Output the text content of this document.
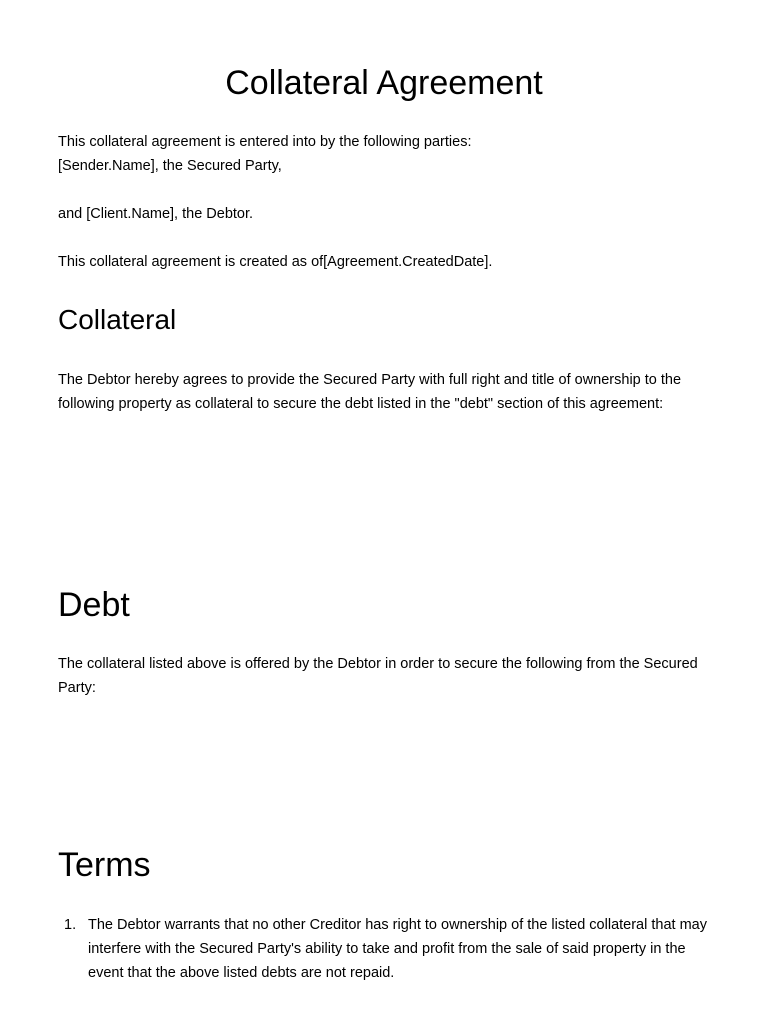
Collateral Agreement

This collateral agreement is entered into by the following parties:

[Sender.Name], the Secured Party,

and [Client.Name], the Debtor.

This collateral agreement is created as of[Agreement.CreatedDate].

Collateral

The Debtor hereby agrees to provide the Secured Party with full right and title of ownership to the following property as collateral to secure the debt listed in the "debt" section of this agreement:

Debt

The collateral listed above is offered by the Debtor in order to secure the following from the Secured Party:

Terms
1. The Debtor warrants that no other Creditor has right to ownership of the listed collateral that may interfere with the Secured Party's ability to take and profit from the sale of said property in the event that the above listed debts are not repaid.
